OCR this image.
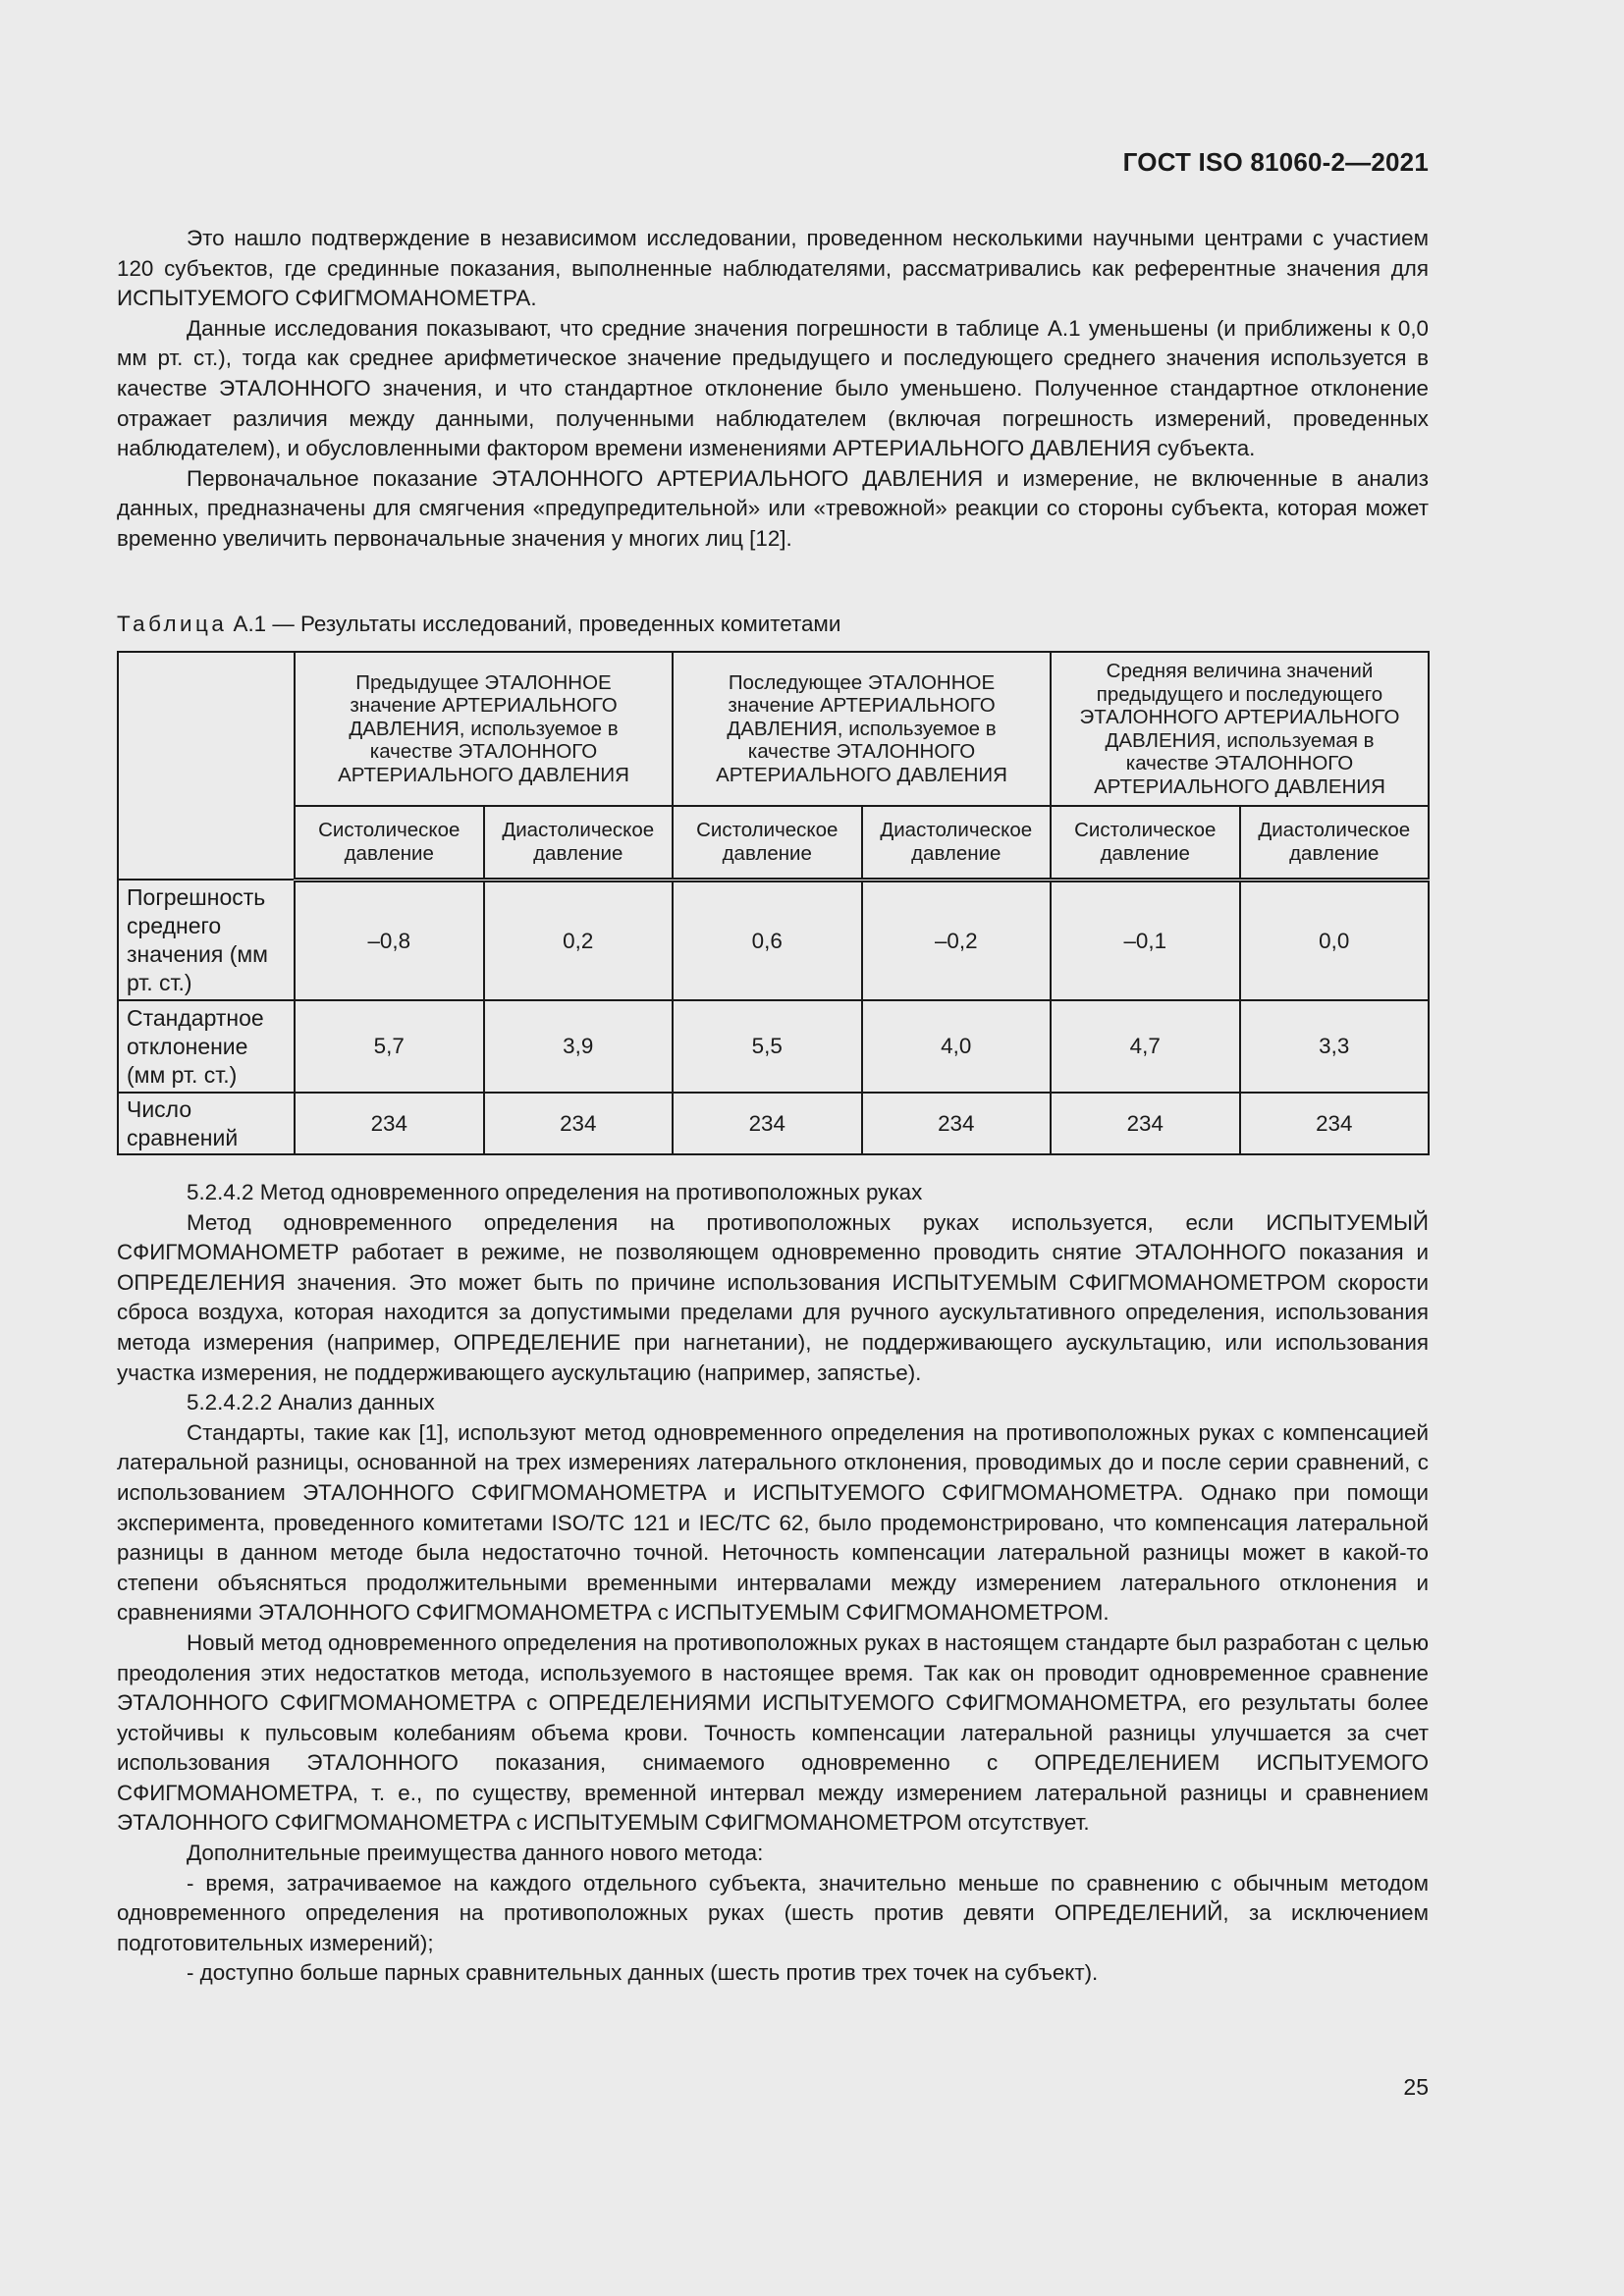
ГОСТ ISO 81060-2—2021

Это нашло подтверждение в независимом исследовании, проведенном несколькими научными центрами с участием 120 субъектов, где срединные показания, выполненные наблюдателями, рассматривались как референтные значения для ИСПЫТУЕМОГО СФИГМОМАНОМЕТРА.

Данные исследования показывают, что средние значения погрешности в таблице А.1 уменьшены (и приближены к 0,0 мм рт. ст.), тогда как среднее арифметическое значение предыдущего и последующего среднего значения используется в качестве ЭТАЛОННОГО значения, и что стандартное отклонение было уменьшено. Полученное стандартное отклонение отражает различия между данными, полученными наблюдателем (включая погрешность измерений, проведенных наблюдателем), и обусловленными фактором времени изменениями АРТЕРИАЛЬНОГО ДАВЛЕНИЯ субъекта.

Первоначальное показание ЭТАЛОННОГО АРТЕРИАЛЬНОГО ДАВЛЕНИЯ и измерение, не включенные в анализ данных, предназначены для смягчения «предупредительной» или «тревожной» реакции со стороны субъекта, которая может временно увеличить первоначальные значения у многих лиц [12].

Таблица А.1 — Результаты исследований, проведенных комитетами
	Предыдущее ЭТАЛОННОЕ значение АРТЕРИАЛЬНОГО ДАВЛЕНИЯ, используемое в качестве ЭТАЛОННОГО АРТЕРИАЛЬНОГО ДАВЛЕНИЯ		Последующее ЭТАЛОННОЕ значение АРТЕРИАЛЬНОГО ДАВЛЕНИЯ, используемое в качестве ЭТАЛОННОГО АРТЕРИАЛЬНОГО ДАВЛЕНИЯ		Средняя величина значений предыдущего и последующего ЭТАЛОННОГО АРТЕРИАЛЬНОГО ДАВЛЕНИЯ, используемая в качестве ЭТАЛОННОГО АРТЕРИАЛЬНОГО ДАВЛЕНИЯ	
	Систолическое давление	Диастолическое давление	Систолическое давление	Диастолическое давление	Систолическое давление	Диастолическое давление
Погрешность среднего значения (мм рт. ст.)	–0,8	0,2	0,6	–0,2	–0,1	0,0
Стандартное отклонение (мм рт. ст.)	5,7	3,9	5,5	4,0	4,7	3,3
Число сравнений	234	234	234	234	234	234

5.2.4.2 Метод одновременного определения на противоположных руках

Метод одновременного определения на противоположных руках используется, если ИСПЫТУЕМЫЙ СФИГМОМАНОМЕТР работает в режиме, не позволяющем одновременно проводить снятие ЭТАЛОННОГО показания и ОПРЕДЕЛЕНИЯ значения. Это может быть по причине использования ИСПЫТУЕМЫМ СФИГМОМАНОМЕТРОМ скорости сброса воздуха, которая находится за допустимыми пределами для ручного аускультативного определения, использования метода измерения (например, ОПРЕДЕЛЕНИЕ при нагнетании), не поддерживающего аускультацию, или использования участка измерения, не поддерживающего аускультацию (например, запястье).

5.2.4.2.2 Анализ данных

Стандарты, такие как [1], используют метод одновременного определения на противоположных руках с компенсацией латеральной разницы, основанной на трех измерениях латерального отклонения, проводимых до и после серии сравнений, с использованием ЭТАЛОННОГО СФИГМОМАНОМЕТРА и ИСПЫТУЕМОГО СФИГМОМАНОМЕТРА. Однако при помощи эксперимента, проведенного комитетами ISO/TC 121 и IEC/TC 62, было продемонстрировано, что компенсация латеральной разницы в данном методе была недостаточно точной. Неточность компенсации латеральной разницы может в какой-то степени объясняться продолжительными временными интервалами между измерением латерального отклонения и сравнениями ЭТАЛОННОГО СФИГМОМАНОМЕТРА с ИСПЫТУЕМЫМ СФИГМОМАНОМЕТРОМ.

Новый метод одновременного определения на противоположных руках в настоящем стандарте был разработан с целью преодоления этих недостатков метода, используемого в настоящее время. Так как он проводит одновременное сравнение ЭТАЛОННОГО СФИГМОМАНОМЕТРА с ОПРЕДЕЛЕНИЯМИ ИСПЫТУЕМОГО СФИГМОМАНОМЕТРА, его результаты более устойчивы к пульсовым колебаниям объема крови. Точность компенсации латеральной разницы улучшается за счет использования ЭТАЛОННОГО показания, снимаемого одновременно с ОПРЕДЕЛЕНИЕМ ИСПЫТУЕМОГО СФИГМОМАНОМЕТРА, т. е., по существу, временной интервал между измерением латеральной разницы и сравнением ЭТАЛОННОГО СФИГМОМАНОМЕТРА с ИСПЫТУЕМЫМ СФИГМОМАНОМЕТРОМ отсутствует.

Дополнительные преимущества данного нового метода:

- время, затрачиваемое на каждого отдельного субъекта, значительно меньше по сравнению с обычным методом одновременного определения на противоположных руках (шесть против девяти ОПРЕДЕЛЕНИЙ, за исключением подготовительных измерений);

- доступно больше парных сравнительных данных (шесть против трех точек на субъект).

25
